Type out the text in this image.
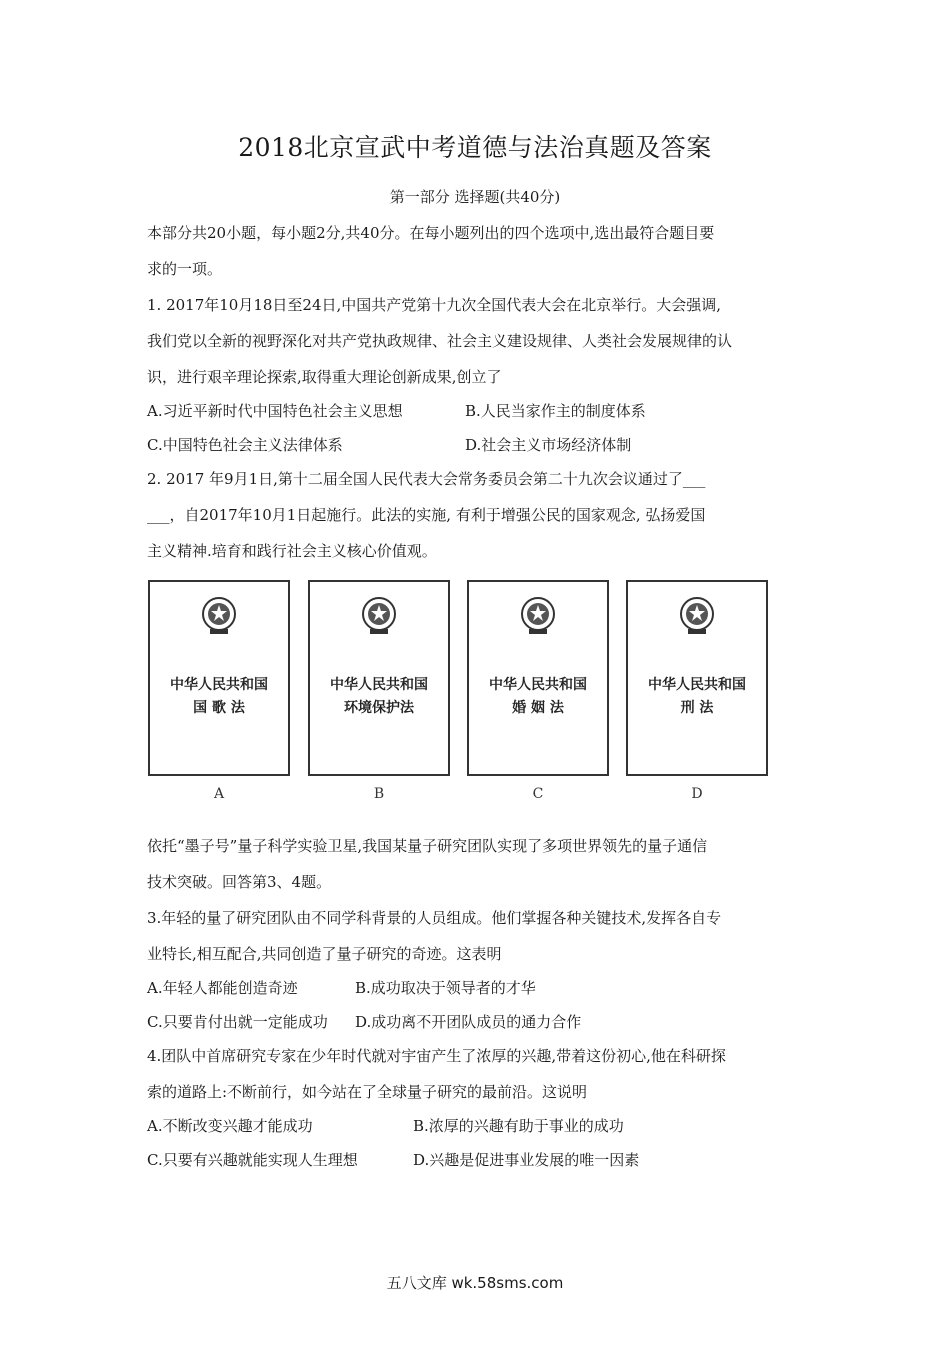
2018北京宣武中考道德与法治真题及答案
第一部分 选择题(共40分)
本部分共20小题，每小题2分,共40分。在每小题列出的四个选项中,选出最符合题目要
求的一项。
1. 2017年10月18日至24日,中国共产党第十九次全国代表大会在北京举行。大会强调,
我们党以全新的视野深化对共产党执政规律、社会主义建设规律、人类社会发展规律的认
识，进行艰辛理论探索,取得重大理论创新成果,创立了
A.习近平新时代中国特色社会主义思想	B.人民当家作主的制度体系
C.中国特色社会主义法律体系	D.社会主义市场经济体制
2. 2017 年9月1日,第十二届全国人民代表大会常务委员会第二十九次会议通过了___
___，自2017年10月1日起施行。此法的实施, 有利于增强公民的国家观念, 弘扬爱国
主义精神.培育和践行社会主义核心价值观。
中华人民共和国
国 歌 法
A
中华人民共和国
环境保护法
B
中华人民共和国
婚 姻 法
C
中华人民共和国
刑 法
D
依托“墨子号”量子科学实验卫星,我国某量子研究团队实现了多项世界领先的量子通信
技术突破。回答第3、4题。
3.年轻的量了研究团队由不同学科背景的人员组成。他们掌握各种关键技术,发挥各自专
业特长,相互配合,共同创造了量子研究的奇迹。这表明
A.年轻人都能创造奇迹	B.成功取决于领导者的才华
C.只要肯付出就一定能成功 D.成功离不开团队成员的通力合作
4.团队中首席研究专家在少年时代就对宇宙产生了浓厚的兴趣,带着这份初心,他在科研探
索的道路上:不断前行，如今站在了全球量子研究的最前沿。这说明
A.不断改变兴趣才能成功	B.浓厚的兴趣有助于事业的成功
C.只要有兴趣就能实现人生理想	D.兴趣是促进事业发展的唯一因素
五八文库 wk.58sms.com
